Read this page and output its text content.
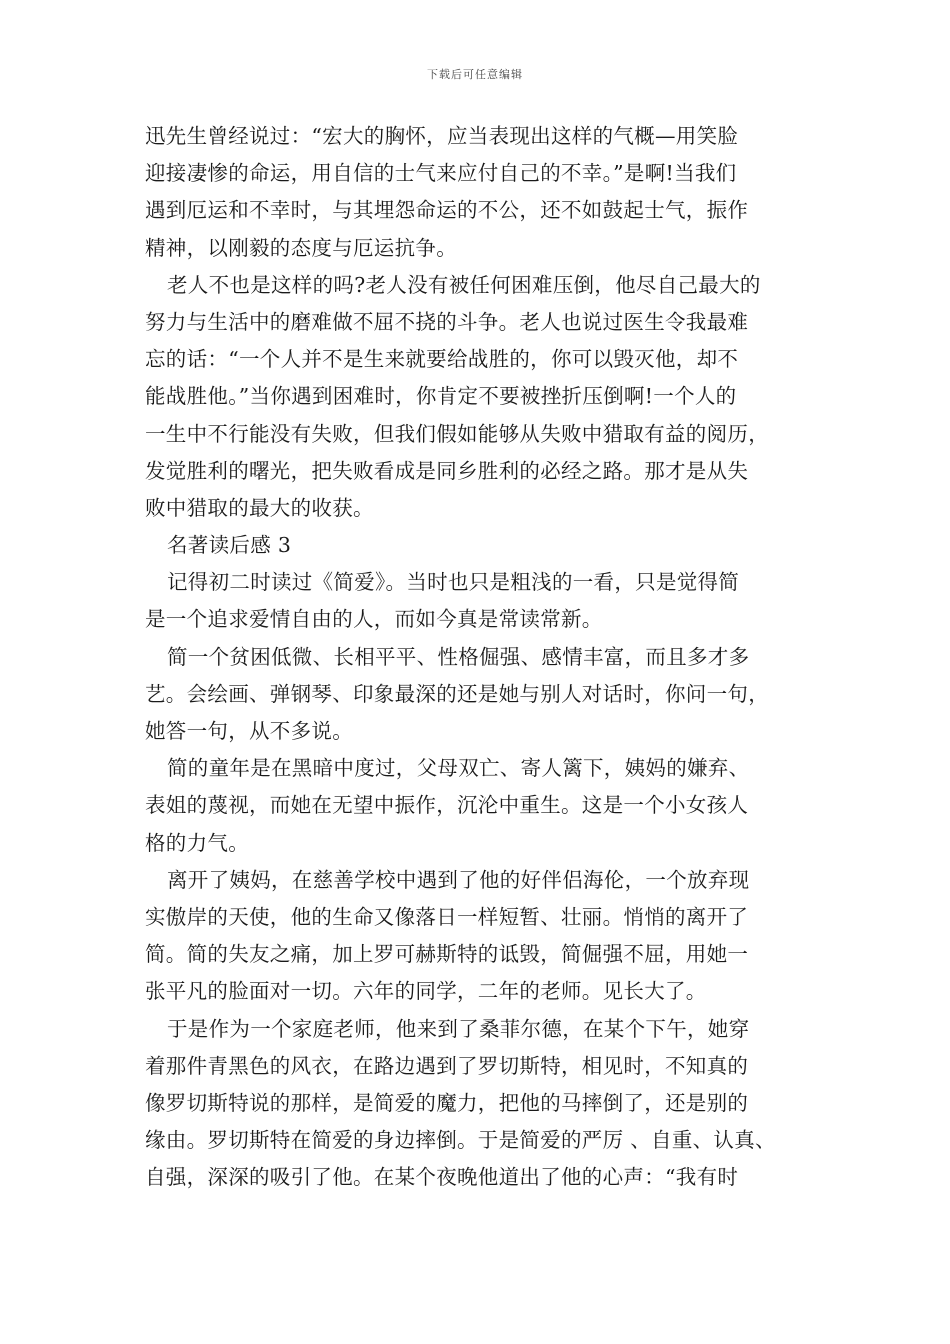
下载后可任意编辑
迅先生曾经说过：“宏大的胸怀，应当表现出这样的气概—用笑脸
迎接凄惨的命运，用自信的士气来应付自己的不幸。”是啊!当我们
遇到厄运和不幸时，与其埋怨命运的不公，还不如鼓起士气，振作
精神，以刚毅的态度与厄运抗争。
老人不也是这样的吗?老人没有被任何困难压倒，他尽自己最大的
努力与生活中的磨难做不屈不挠的斗争。老人也说过医生令我最难
忘的话：“一个人并不是生来就要给战胜的，你可以毁灭他，却不
能战胜他。”当你遇到困难时，你肯定不要被挫折压倒啊!一个人的
一生中不行能没有失败，但我们假如能够从失败中猎取有益的阅历，
发觉胜利的曙光，把失败看成是同乡胜利的必经之路。那才是从失
败中猎取的最大的收获。
名著读后感 3
记得初二时读过《简爱》。当时也只是粗浅的一看，只是觉得简
是一个追求爱情自由的人，而如今真是常读常新。
简一个贫困低微、长相平平、性格倔强、感情丰富，而且多才多
艺。会绘画、弹钢琴、印象最深的还是她与别人对话时，你问一句，
她答一句，从不多说。
简的童年是在黑暗中度过，父母双亡、寄人篱下，姨妈的嫌弃、
表姐的蔑视，而她在无望中振作，沉沦中重生。这是一个小女孩人
格的力气。
离开了姨妈，在慈善学校中遇到了他的好伴侣海伦，一个放弃现
实傲岸的天使，他的生命又像落日一样短暂、壮丽。悄悄的离开了
简。简的失友之痛，加上罗可赫斯特的诋毁，简倔强不屈，用她一
张平凡的脸面对一切。六年的同学，二年的老师。见长大了。
于是作为一个家庭老师，他来到了桑菲尔德，在某个下午，她穿
着那件青黑色的风衣，在路边遇到了罗切斯特，相见时，不知真的
像罗切斯特说的那样，是简爱的魔力，把他的马摔倒了，还是别的
缘由。罗切斯特在简爱的身边摔倒。于是简爱的严厉 、自重、认真、
自强，深深的吸引了他。在某个夜晚他道出了他的心声：“我有时
